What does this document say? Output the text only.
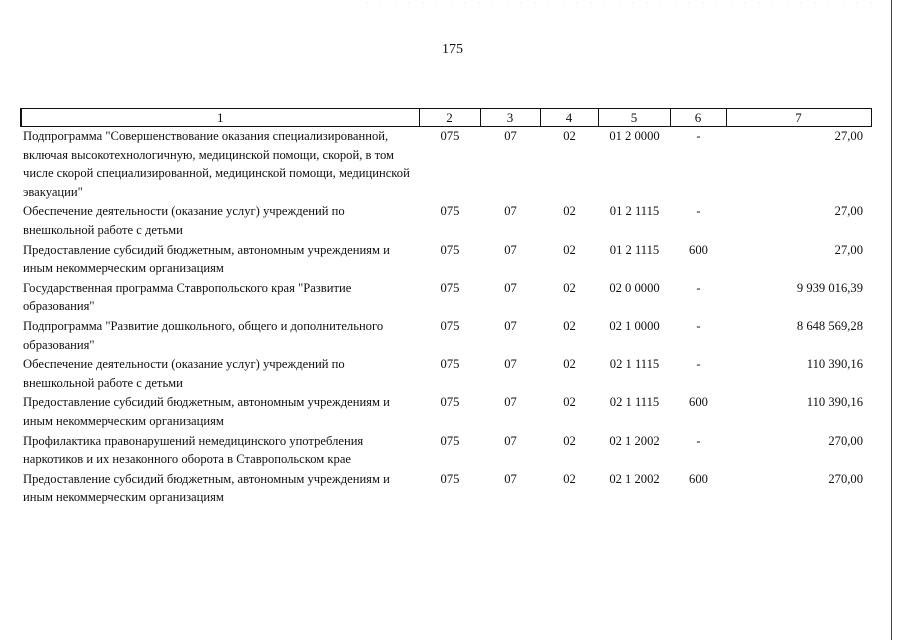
175
1	2	3	4	5	6	7
Подпрограмма "Совершенствование оказания специализированной, включая высокотехнологичную, медицинской помощи, скорой, в том числе скорой специализированной, медицинской помощи, медицинской эвакуации"	075	07	02	01 2 0000	-	27,00
Обеспечение деятельности (оказание услуг) учреждений по внешкольной работе с детьми	075	07	02	01 2 1115	-	27,00
Предоставление субсидий бюджетным, автономным учреждениям и иным некоммерческим организациям	075	07	02	01 2 1115	600	27,00
Государственная программа Ставропольского края "Развитие образования"	075	07	02	02 0 0000	-	9 939 016,39
Подпрограмма "Развитие дошкольного, общего и дополнительного образования"	075	07	02	02 1 0000	-	8 648 569,28
Обеспечение деятельности (оказание услуг) учреждений по внешкольной работе с детьми	075	07	02	02 1 1115	-	110 390,16
Предоставление субсидий бюджетным, автономным учреждениям и иным некоммерческим организациям	075	07	02	02 1 1115	600	110 390,16
Профилактика правонарушений немедицинского употребления наркотиков и их незаконного оборота в Ставропольском крае	075	07	02	02 1 2002	-	270,00
Предоставление субсидий бюджетным, автономным учреждениям и иным некоммерческим организациям	075	07	02	02 1 2002	600	270,00
